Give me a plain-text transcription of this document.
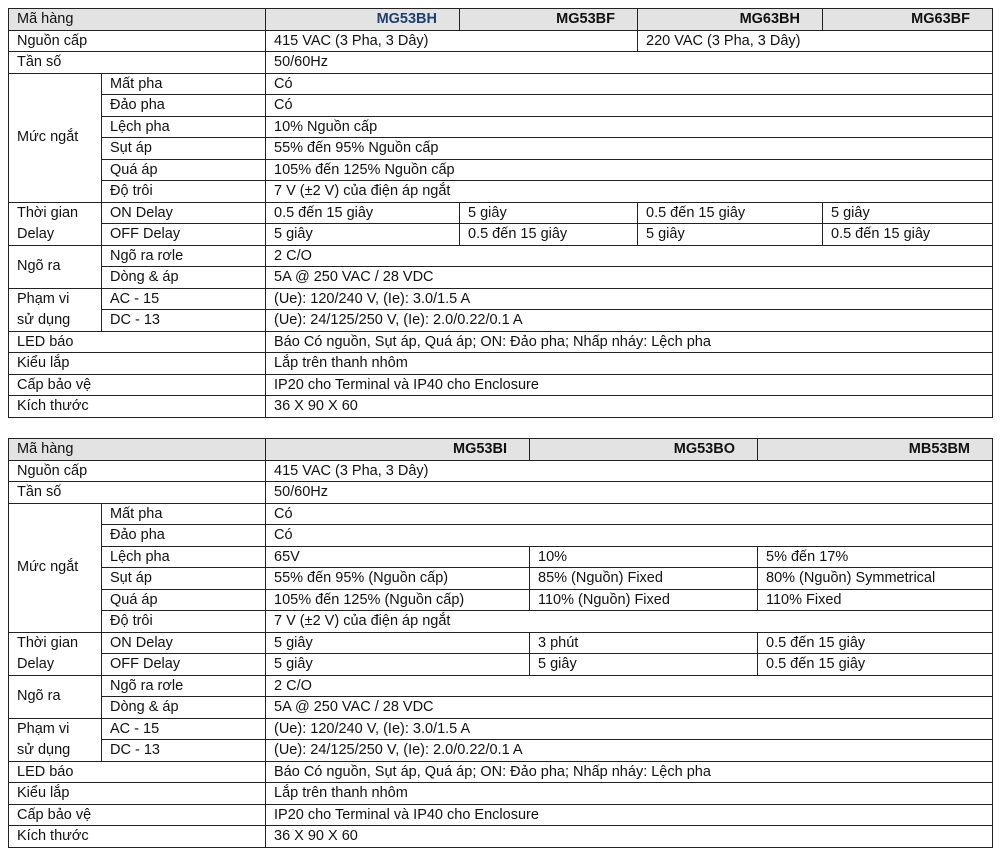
Mã hàng		MG53BH	MG53BF	MG63BH	MG63BF
Nguồn cấp		415 VAC (3 Pha, 3 Dây)		220 VAC (3 Pha, 3 Dây)	
Tần số		50/60Hz			
Mức ngắt	Mất pha	Có			
	Đảo pha	Có			
	Lệch pha	10% Nguồn cấp			
	Sụt áp	55% đến 95% Nguồn cấp			
	Quá áp	105% đến 125% Nguồn cấp			
	Độ trôi	7 V (±2 V) của điện áp ngắt			
Thời gian
Delay	ON Delay	0.5 đến 15 giây	5 giây	0.5 đến 15 giây	5 giây
	OFF Delay	5 giây	0.5 đến 15 giây	5 giây	0.5 đến 15 giây
Ngõ ra	Ngõ ra rơle	2 C/O			
	Dòng & áp	5A @ 250 VAC / 28 VDC			
Phạm vi
sử dụng	AC - 15	(Ue): 120/240 V, (Ie): 3.0/1.5 A			
	DC - 13	(Ue): 24/125/250 V, (Ie): 2.0/0.22/0.1 A			
LED báo		Báo Có nguồn, Sụt áp, Quá áp; ON: Đảo pha; Nhấp nháy: Lệch pha			
Kiểu lắp		Lắp trên thanh nhôm			
Cấp bảo vệ		IP20 cho Terminal và IP40 cho Enclosure			
Kích thước		36 X 90 X 60			
Mã hàng		MG53BI	MG53BO	MB53BM
Nguồn cấp		415 VAC (3 Pha, 3 Dây)		
Tần số		50/60Hz		
Mức ngắt	Mất pha	Có		
	Đảo pha	Có		
	Lệch pha	65V	10%	5% đến 17%
	Sụt áp	55% đến 95% (Nguồn cấp)	85% (Nguồn) Fixed	80% (Nguồn) Symmetrical
	Quá áp	105% đến 125% (Nguồn cấp)	110% (Nguồn) Fixed	110% Fixed
	Độ trôi	7 V (±2 V) của điện áp ngắt		
Thời gian
Delay	ON Delay	5 giây	3 phút	0.5 đến 15 giây
	OFF Delay	5 giây	5 giây	0.5 đến 15 giây
Ngõ ra	Ngõ ra rơle	2 C/O		
	Dòng & áp	5A @ 250 VAC / 28 VDC		
Phạm vi
sử dụng	AC - 15	(Ue): 120/240 V, (Ie): 3.0/1.5 A		
	DC - 13	(Ue): 24/125/250 V, (Ie): 2.0/0.22/0.1 A		
LED báo		Báo Có nguồn, Sụt áp, Quá áp; ON: Đảo pha; Nhấp nháy: Lệch pha		
Kiểu lắp		Lắp trên thanh nhôm		
Cấp bảo vệ		IP20 cho Terminal và IP40 cho Enclosure		
Kích thước		36 X 90 X 60		
